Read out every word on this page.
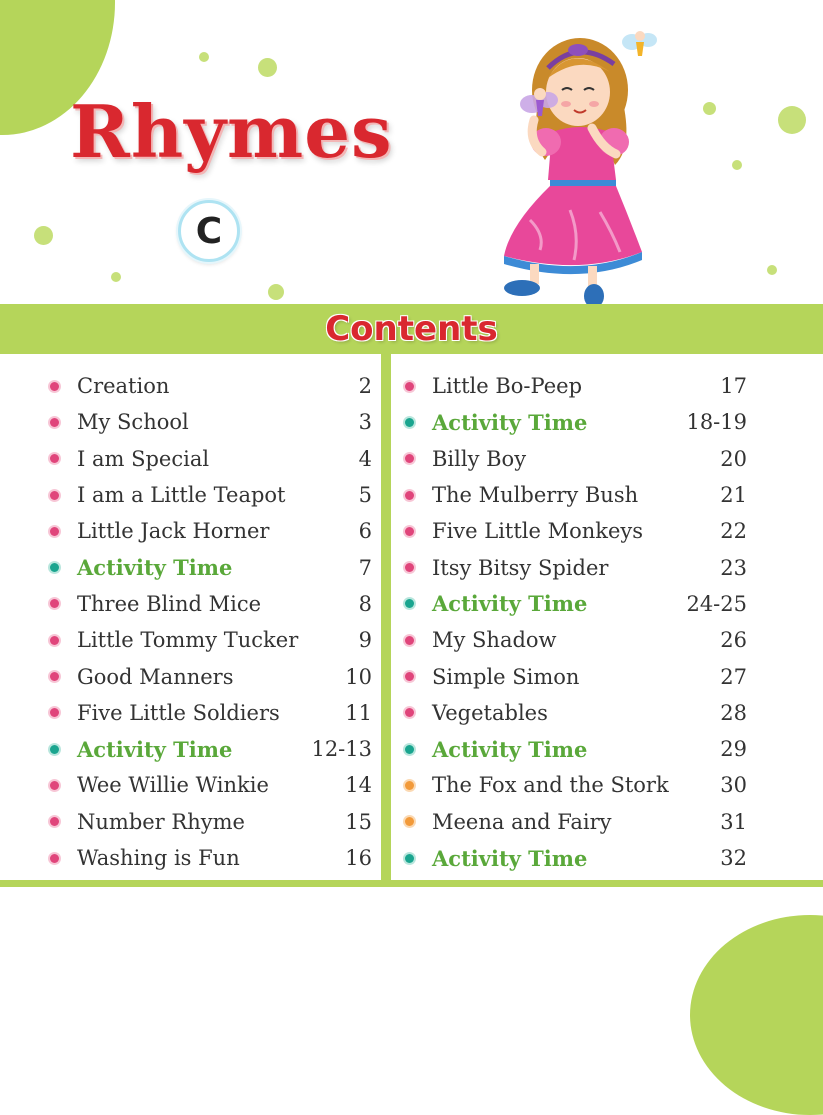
Rhymes
C
Contents
Creation	2
My School	3
I am Special	4
I am a Little Teapot	5
Little Jack Horner	6
Activity Time	7
Three Blind Mice	8
Little Tommy Tucker	9
Good Manners	10
Five Little Soldiers	11
Activity Time	12-13
Wee Willie Winkie	14
Number Rhyme	15
Washing is Fun	16
Little Bo-Peep	17
Activity Time	18-19
Billy Boy	20
The Mulberry Bush	21
Five Little Monkeys	22
Itsy Bitsy Spider	23
Activity Time	24-25
My Shadow	26
Simple Simon	27
Vegetables	28
Activity Time	29
The Fox and the Stork	30
Meena and Fairy	31
Activity Time	32
